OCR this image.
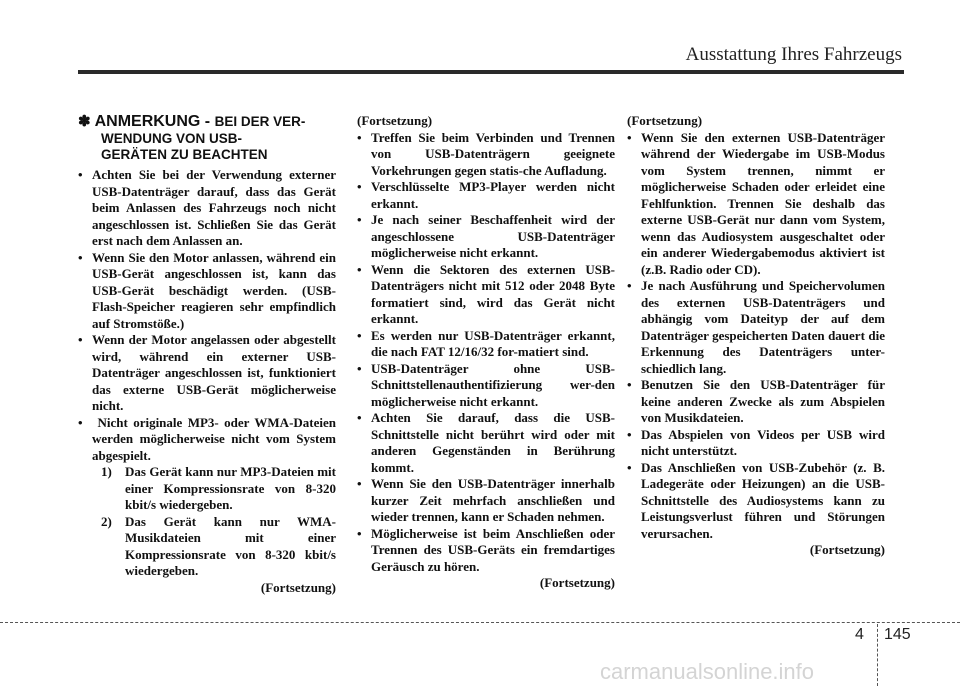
Ausstattung Ihres Fahrzeugs
✽ ANMERKUNG - BEI DER VER-
WENDUNG VON USB-
GERÄTEN ZU BEACHTEN
• Achten Sie bei der Verwendung externer USB-Datenträger darauf, dass das Gerät beim Anlassen des Fahrzeugs noch nicht angeschlossen ist. Schließen Sie das Gerät erst nach dem Anlassen an.
• Wenn Sie den Motor anlassen, während ein USB-Gerät angeschlossen ist, kann das USB-Gerät beschädigt werden. (USB-Flash-Speicher reagieren sehr empfindlich auf Stromstöße.)
• Wenn der Motor angelassen oder abgestellt wird, während ein externer USB-Datenträger angeschlossen ist, funktioniert das externe USB-Gerät möglicherweise nicht.
• Nicht originale MP3- oder WMA-Dateien werden möglicherweise nicht vom System abgespielt.
1) Das Gerät kann nur MP3-Dateien mit einer Kompressionsrate von 8-320 kbit/s wiedergeben.
2) Das Gerät kann nur WMA-Musikdateien mit einer Kompressionsrate von 8-320 kbit/s wiedergeben.

(Fortsetzung)

(Fortsetzung)

• Treffen Sie beim Verbinden und Trennen von USB-Datenträgern geeignete Vorkehrungen gegen statis-che Aufladung.
• Verschlüsselte MP3-Player werden nicht erkannt.
• Je nach seiner Beschaffenheit wird der angeschlossene USB-Datenträger möglicherweise nicht erkannt.
• Wenn die Sektoren des externen USB-Datenträgers nicht mit 512 oder 2048 Byte formatiert sind, wird das Gerät nicht erkannt.
• Es werden nur USB-Datenträger erkannt, die nach FAT 12/16/32 for-matiert sind.
• USB-Datenträger ohne USB-Schnittstellenauthentifizierung wer-den möglicherweise nicht erkannt.
• Achten Sie darauf, dass die USB-Schnittstelle nicht berührt wird oder mit anderen Gegenständen in Berührung kommt.
• Wenn Sie den USB-Datenträger innerhalb kurzer Zeit mehrfach anschließen und wieder trennen, kann er Schaden nehmen.
• Möglicherweise ist beim Anschließen oder Trennen des USB-Geräts ein fremdartiges Geräusch zu hören.

(Fortsetzung)

(Fortsetzung)

• Wenn Sie den externen USB-Datenträger während der Wiedergabe im USB-Modus vom System trennen, nimmt er möglicherweise Schaden oder erleidet eine Fehlfunktion. Trennen Sie deshalb das externe USB-Gerät nur dann vom System, wenn das Audiosystem ausgeschaltet oder ein anderer Wiedergabemodus aktiviert ist (z.B. Radio oder CD).
• Je nach Ausführung und Speichervolumen des externen USB-Datenträgers und abhängig vom Dateityp der auf dem Datenträger gespeicherten Daten dauert die Erkennung des Datenträgers unter-schiedlich lang.
• Benutzen Sie den USB-Datenträger für keine anderen Zwecke als zum Abspielen von Musikdateien.
• Das Abspielen von Videos per USB wird nicht unterstützt.
• Das Anschließen von USB-Zubehör (z. B. Ladegeräte oder Heizungen) an die USB-Schnittstelle des Audiosystems kann zu Leistungsverlust führen und Störungen verursachen.

(Fortsetzung)

4 145
carmanualsonline.info
